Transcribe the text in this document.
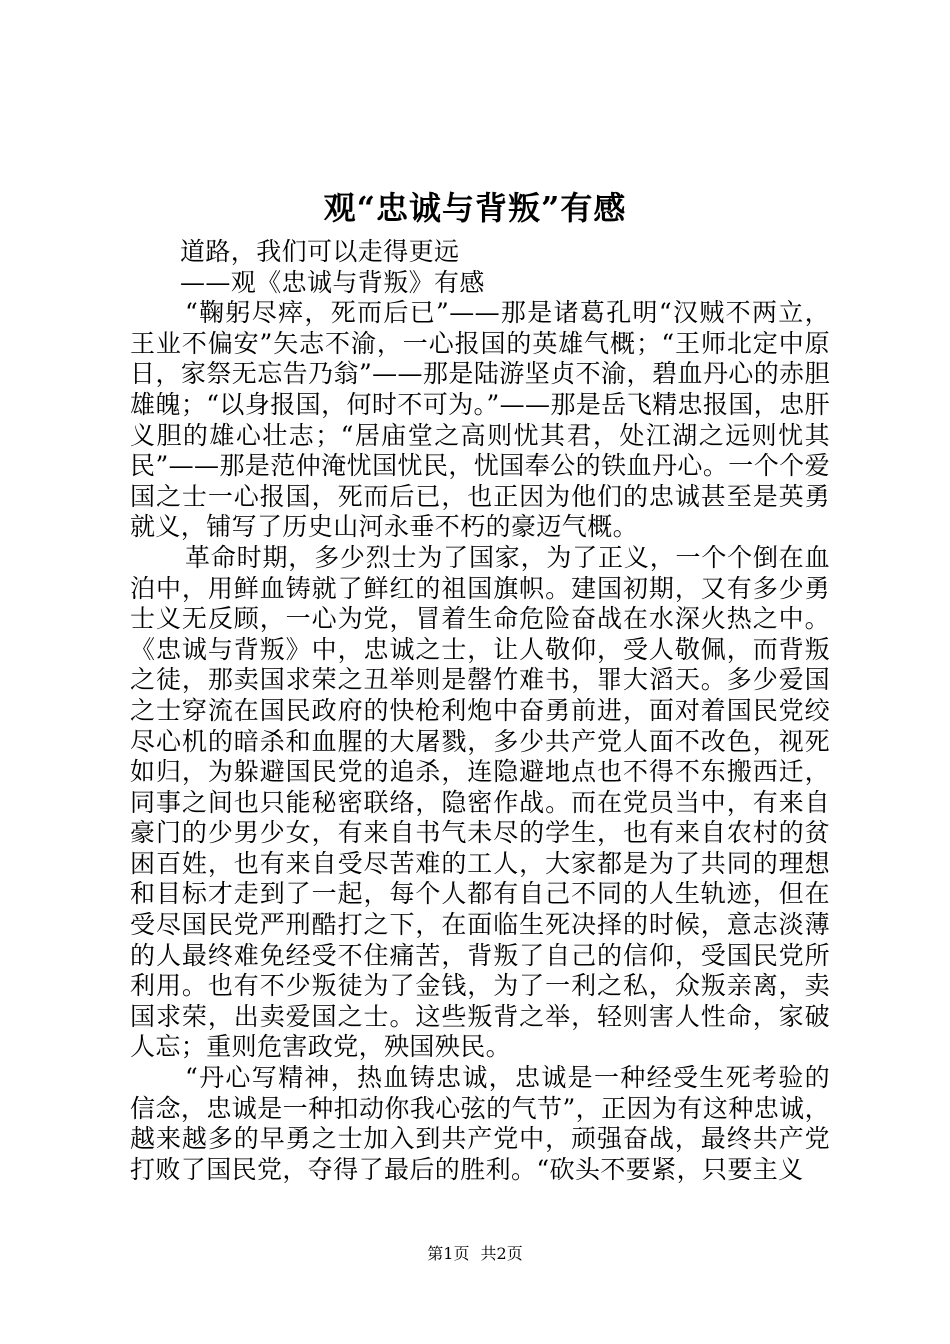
观“忠诚与背叛”有感

道路，我们可以走得更远

——观《忠诚与背叛》有感

“鞠躬尽瘁，死而后已”——那是诸葛孔明“汉贼不两立，王业不偏安”矢志不渝，一心报国的英雄气概；“王师北定中原日，家祭无忘告乃翁”——那是陆游坚贞不渝，碧血丹心的赤胆雄魄；“以身报国，何时不可为。”——那是岳飞精忠报国，忠肝义胆的雄心壮志；“居庙堂之高则忧其君，处江湖之远则忧其民”——那是范仲淹忧国忧民，忧国奉公的铁血丹心。一个个爱国之士一心报国，死而后已，也正因为他们的忠诚甚至是英勇就义，铺写了历史山河永垂不朽的豪迈气概。

革命时期，多少烈士为了国家，为了正义，一个个倒在血泊中，用鲜血铸就了鲜红的祖国旗帜。建国初期，又有多少勇士义无反顾，一心为党，冒着生命危险奋战在水深火热之中。《忠诚与背叛》中，忠诚之士，让人敬仰，受人敬佩，而背叛之徒，那卖国求荣之丑举则是罄竹难书，罪大滔天。多少爱国之士穿流在国民政府的快枪利炮中奋勇前进，面对着国民党绞尽心机的暗杀和血腥的大屠戮，多少共产党人面不改色，视死如归，为躲避国民党的追杀，连隐避地点也不得不东搬西迁，同事之间也只能秘密联络，隐密作战。而在党员当中，有来自豪门的少男少女，有来自书气未尽的学生，也有来自农村的贫困百姓，也有来自受尽苦难的工人，大家都是为了共同的理想和目标才走到了一起，每个人都有自己不同的人生轨迹，但在受尽国民党严刑酷打之下，在面临生死决择的时候，意志淡薄的人最终难免经受不住痛苦，背叛了自己的信仰，受国民党所利用。也有不少叛徒为了金钱，为了一利之私，众叛亲离，卖国求荣，出卖爱国之士。这些叛背之举，轻则害人性命，家破人忘；重则危害政党，殃国殃民。

“丹心写精神，热血铸忠诚，忠诚是一种经受生死考验的信念，忠诚是一种扣动你我心弦的气节”，正因为有这种忠诚，越来越多的早勇之士加入到共产党中，顽强奋战，最终共产党打败了国民党，夺得了最后的胜利。“砍头不要紧，只要主义

第1页 共2页
